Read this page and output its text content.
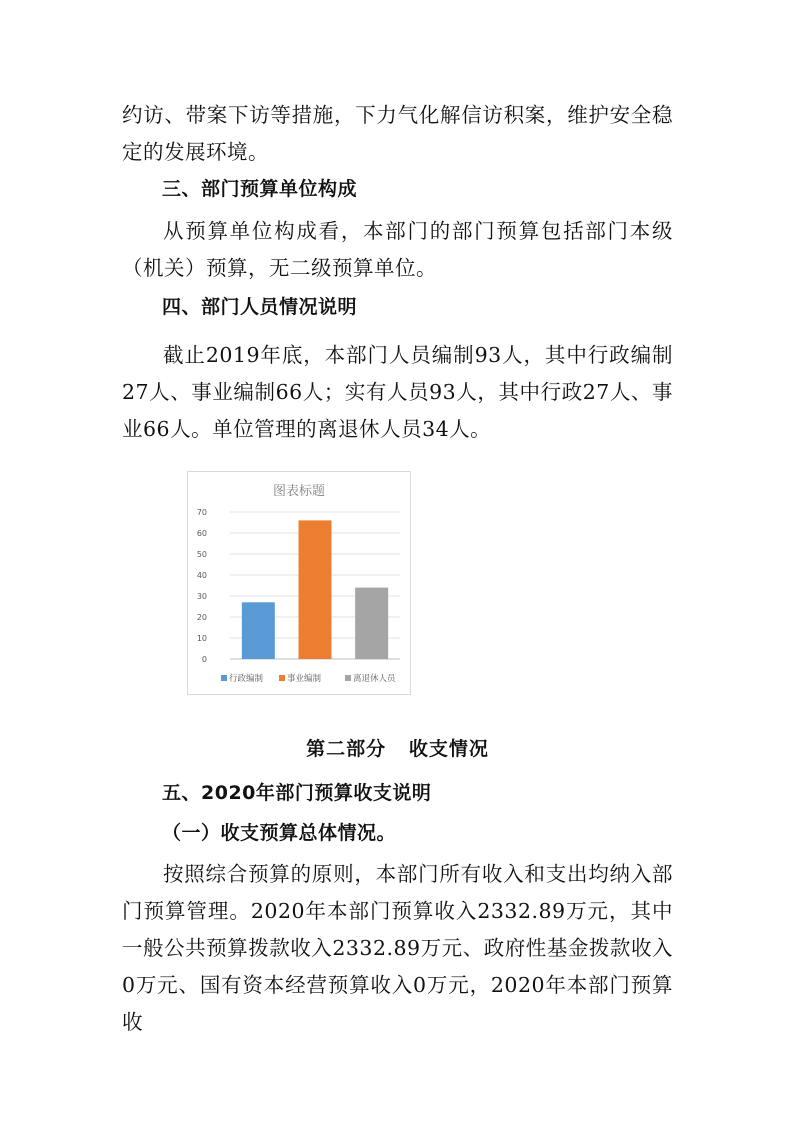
约访、带案下访等措施，下力气化解信访积案，维护安全稳定的发展环境。

三、部门预算单位构成

从预算单位构成看，本部门的部门预算包括部门本级（机关）预算，无二级预算单位。

四、部门人员情况说明

截止2019年底，本部门人员编制93人，其中行政编制27人、事业编制66人；实有人员93人，其中行政27人、事业66人。单位管理的离退休人员34人。

图表标题
0
10
20
30
40
50
60
70
行政编制	事业编制	离退休人员
第二部分   收支情况
五、2020年部门预算收支说明
（一）收支预算总体情况。

按照综合预算的原则，本部门所有收入和支出均纳入部门预算管理。2020年本部门预算收入2332.89万元，其中一般公共预算拨款收入2332.89万元、政府性基金拨款收入0万元、国有资本经营预算收入0万元，2020年本部门预算收
